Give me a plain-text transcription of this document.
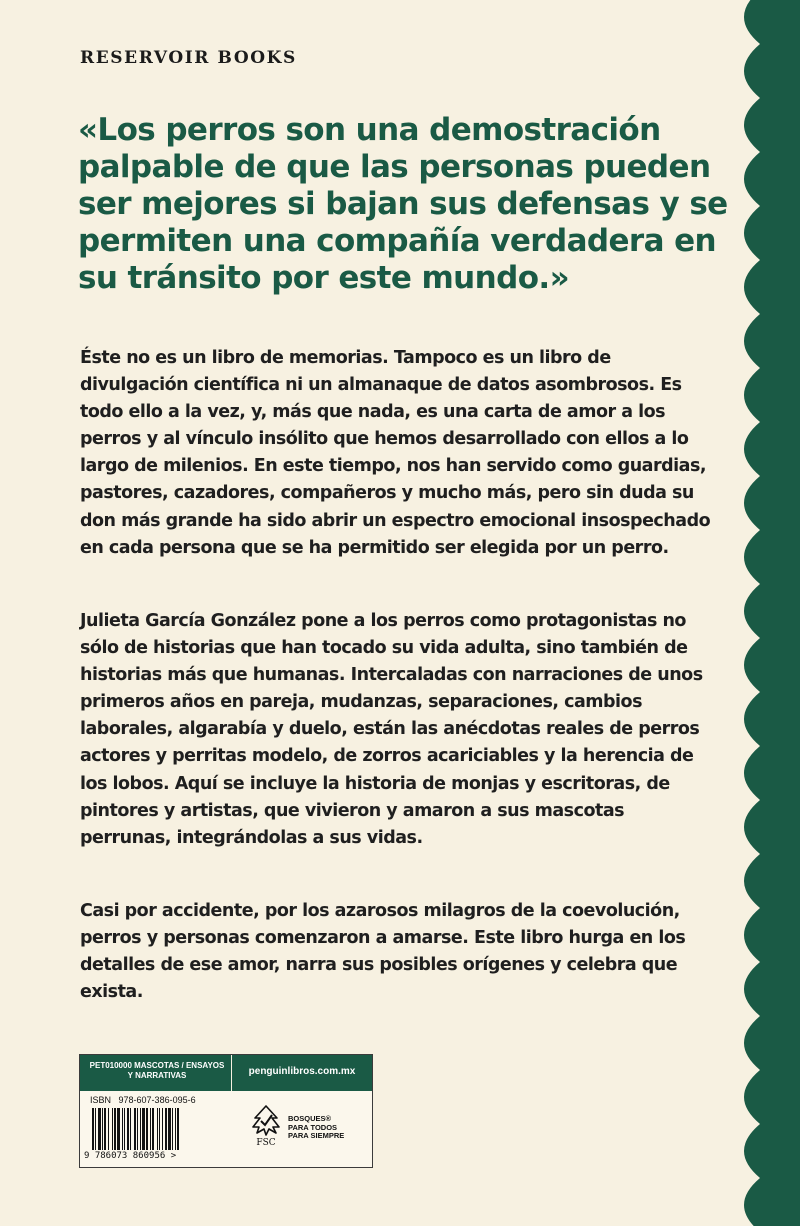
RESERVOIR BOOKS

«Los perros son una demostración palpable de que las personas pueden ser mejores si bajan sus defensas y se permiten una compañía verdadera en su tránsito por este mundo.»

Éste no es un libro de memorias. Tampoco es un libro de divulgación científica ni un almanaque de datos asombrosos. Es todo ello a la vez, y, más que nada, es una carta de amor a los perros y al vínculo insólito que hemos desarrollado con ellos a lo largo de milenios. En este tiempo, nos han servido como guardias, pastores, cazadores, compañeros y mucho más, pero sin duda su don más grande ha sido abrir un espectro emocional insospechado en cada persona que se ha permitido ser elegida por un perro.

Julieta García González pone a los perros como protagonistas no sólo de historias que han tocado su vida adulta, sino también de historias más que humanas. Intercaladas con narraciones de unos primeros años en pareja, mudanzas, separaciones, cambios laborales, algarabía y duelo, están las anécdotas reales de perros actores y perritas modelo, de zorros acariciables y la herencia de los lobos. Aquí se incluye la historia de monjas y escritoras, de pintores y artistas, que vivieron y amaron a sus mascotas perrunas, integrándolas a sus vidas.

Casi por accidente, por los azarosos milagros de la coevolución, perros y personas comenzaron a amarse. Este libro hurga en los detalles de ese amor, narra sus posibles orígenes y celebra que exista.

PET010000 MASCOTAS / ENSAYOS
Y NARRATIVAS	penguinlibros.com.mx
ISBN 978-607-386-095-6
9 786073 860956 >
FSC
BOSQUES®
PARA TODOS
PARA SIEMPRE
